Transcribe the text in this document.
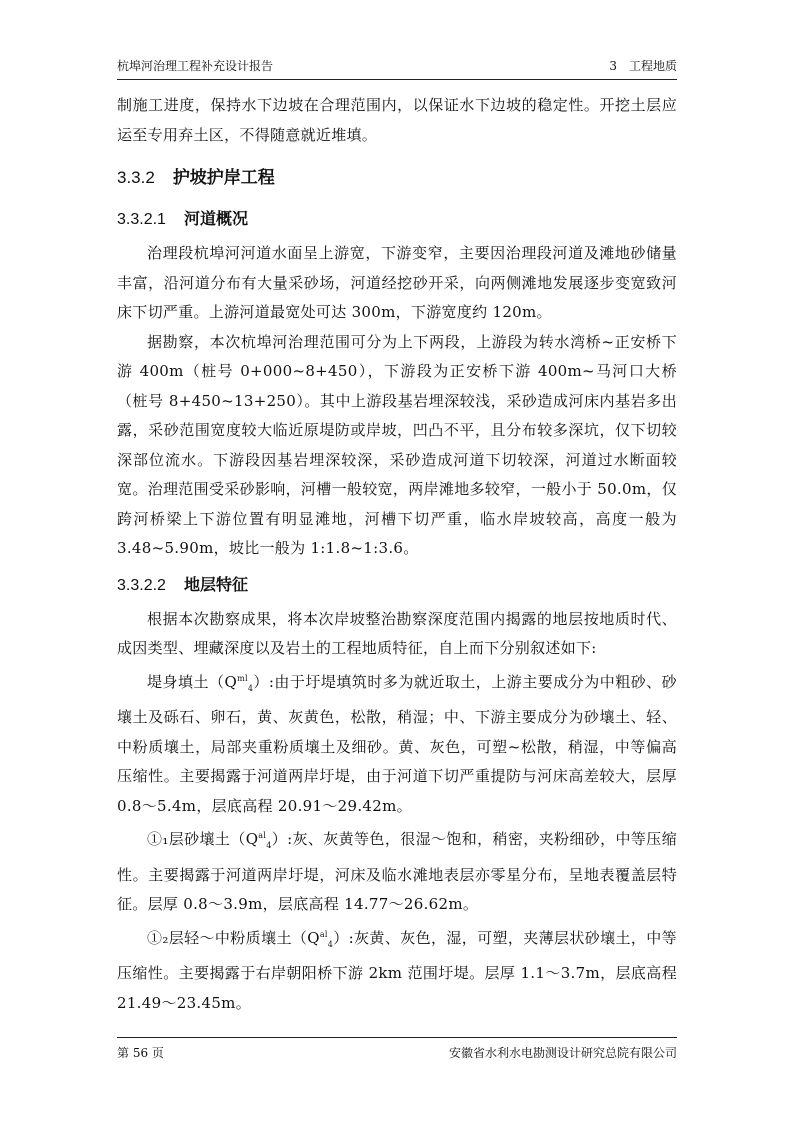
杭埠河治理工程补充设计报告	3 工程地质

制施工进度，保持水下边坡在合理范围内，以保证水下边坡的稳定性。开挖土层应运至专用弃土区，不得随意就近堆填。

3.3.2 护坡护岸工程
3.3.2.1 河道概况

治理段杭埠河河道水面呈上游宽，下游变窄，主要因治理段河道及滩地砂储量丰富，沿河道分布有大量采砂场，河道经挖砂开采，向两侧滩地发展逐步变宽致河床下切严重。上游河道最宽处可达 300m，下游宽度约 120m。

据勘察，本次杭埠河治理范围可分为上下两段，上游段为转水湾桥~正安桥下游 400m（桩号 0+000~8+450），下游段为正安桥下游 400m~马河口大桥（桩号 8+450~13+250）。其中上游段基岩埋深较浅，采砂造成河床内基岩多出露，采砂范围宽度较大临近原堤防或岸坡，凹凸不平，且分布较多深坑，仅下切较深部位流水。下游段因基岩埋深较深，采砂造成河道下切较深，河道过水断面较宽。治理范围受采砂影响，河槽一般较宽，两岸滩地多较窄，一般小于 50.0m，仅跨河桥梁上下游位置有明显滩地，河槽下切严重，临水岸坡较高，高度一般为 3.48~5.90m，坡比一般为 1:1.8~1:3.6。

3.3.2.2 地层特征

根据本次勘察成果，将本次岸坡整治勘察深度范围内揭露的地层按地质时代、成因类型、埋藏深度以及岩土的工程地质特征，自上而下分别叙述如下:

堤身填土$(Q^{ml}_4)$:由于圩堤填筑时多为就近取土，上游主要成分为中粗砂、砂壤土及砾石、卵石，黄、灰黄色，松散，稍湿；中、下游主要成分为砂壤土、轻、中粉质壤土，局部夹重粉质壤土及细砂。黄、灰色，可塑~松散，稍湿，中等偏高压缩性。主要揭露于河道两岸圩堤，由于河道下切严重提防与河床高差较大，层厚 0.8～5.4m，层底高程 20.91～29.42m。

①₁层砂壤土$(Q^{al}_4)$:灰、灰黄等色，很湿～饱和，稍密，夹粉细砂，中等压缩性。主要揭露于河道两岸圩堤，河床及临水滩地表层亦零星分布，呈地表覆盖层特征。层厚 0.8～3.9m，层底高程 14.77～26.62m。

①₂层轻～中粉质壤土$(Q^{al}_4)$:灰黄、灰色，湿，可塑，夹薄层状砂壤土，中等压缩性。主要揭露于右岸朝阳桥下游 2km 范围圩堤。层厚 1.1～3.7m，层底高程 21.49～23.45m。

第 56 页	安徽省水利水电勘测设计研究总院有限公司
